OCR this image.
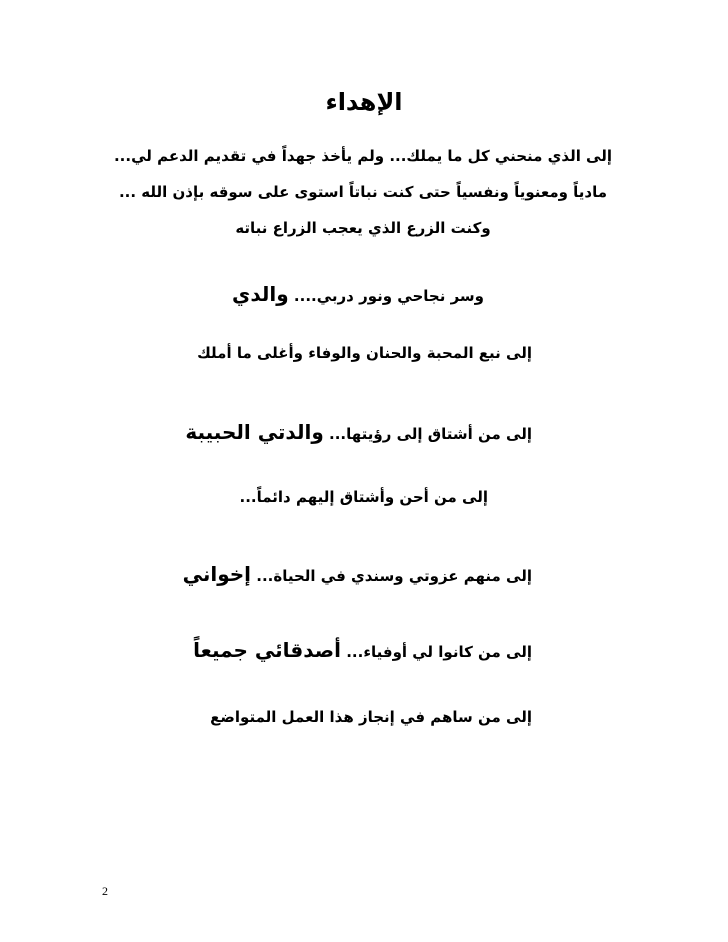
الإهداء
إلى الذي منحني كل ما يملك... ولم يأخذ جهداً في تقديم الدعم لي... مادياً ومعنوياً ونفسياً حتى كنت نباتاً استوى على سوقه بإذن الله ... وكنت الزرع الذي يعجب الزراع نباته
وسر نجاحي ونور دربي.... والدي
إلى نبع المحبة والحنان والوفاء وأغلى ما أملك
إلى من أشتاق إلى رؤيتها... والدتي الحبيبة
إلى من أحن وأشتاق إليهم دائماً...
إلى منهم عزوتي وسندي في الحياة... إخواني
إلى من كانوا لي أوفياء... أصدقائي جميعاً
إلى من ساهم في إنجاز هذا العمل المتواضع
2
